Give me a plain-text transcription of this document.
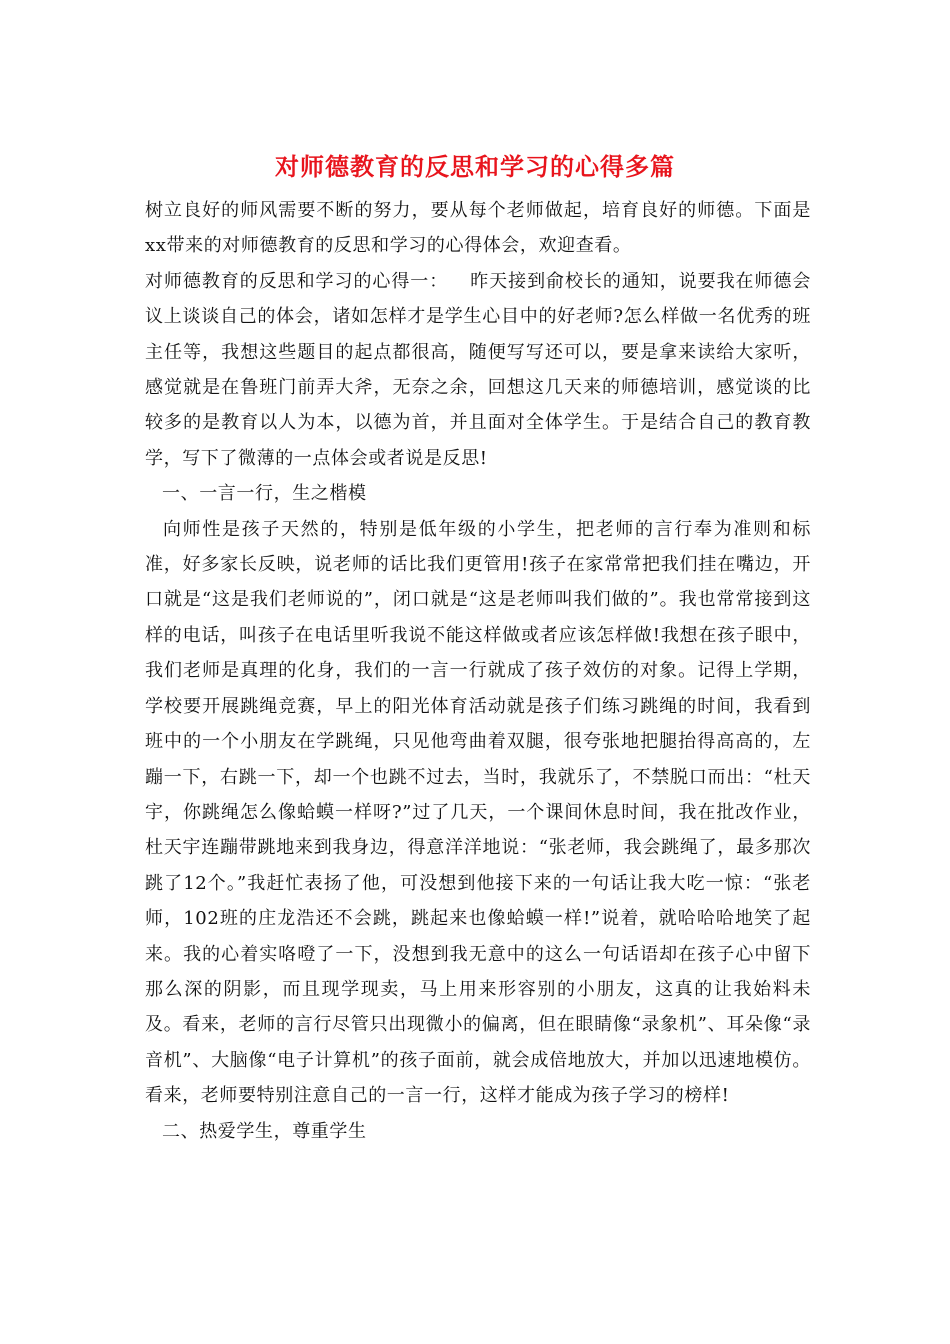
对师德教育的反思和学习的心得多篇

树立良好的师风需要不断的努力，要从每个老师做起，培育良好的师德。下面是xx带来的对师德教育的反思和学习的心得体会，欢迎查看。

对师德教育的反思和学习的心得一： 昨天接到俞校长的通知，说要我在师德会议上谈谈自己的体会，诸如怎样才是学生心目中的好老师?怎么样做一名优秀的班主任等，我想这些题目的起点都很高，随便写写还可以，要是拿来读给大家听，感觉就是在鲁班门前弄大斧，无奈之余，回想这几天来的师德培训，感觉谈的比较多的是教育以人为本，以德为首，并且面对全体学生。于是结合自己的教育教学，写下了微薄的一点体会或者说是反思!

一、一言一行，生之楷模

向师性是孩子天然的，特别是低年级的小学生，把老师的言行奉为准则和标准，好多家长反映，说老师的话比我们更管用!孩子在家常常把我们挂在嘴边，开口就是“这是我们老师说的”，闭口就是“这是老师叫我们做的”。我也常常接到这样的电话，叫孩子在电话里听我说不能这样做或者应该怎样做!我想在孩子眼中，我们老师是真理的化身，我们的一言一行就成了孩子效仿的对象。记得上学期，学校要开展跳绳竞赛，早上的阳光体育活动就是孩子们练习跳绳的时间，我看到班中的一个小朋友在学跳绳，只见他弯曲着双腿，很夸张地把腿抬得高高的，左蹦一下，右跳一下，却一个也跳不过去，当时，我就乐了，不禁脱口而出：“杜天宇，你跳绳怎么像蛤蟆一样呀?”过了几天，一个课间休息时间，我在批改作业，杜天宇连蹦带跳地来到我身边，得意洋洋地说：“张老师，我会跳绳了，最多那次跳了12个。”我赶忙表扬了他，可没想到他接下来的一句话让我大吃一惊：“张老师，102班的庄龙浩还不会跳，跳起来也像蛤蟆一样!”说着，就哈哈哈地笑了起来。我的心着实咯噔了一下，没想到我无意中的这么一句话语却在孩子心中留下那么深的阴影，而且现学现卖，马上用来形容别的小朋友，这真的让我始料未及。看来，老师的言行尽管只出现微小的偏离，但在眼睛像“录象机”、耳朵像“录音机”、大脑像“电子计算机”的孩子面前，就会成倍地放大，并加以迅速地模仿。看来，老师要特别注意自己的一言一行，这样才能成为孩子学习的榜样!

二、热爱学生，尊重学生
